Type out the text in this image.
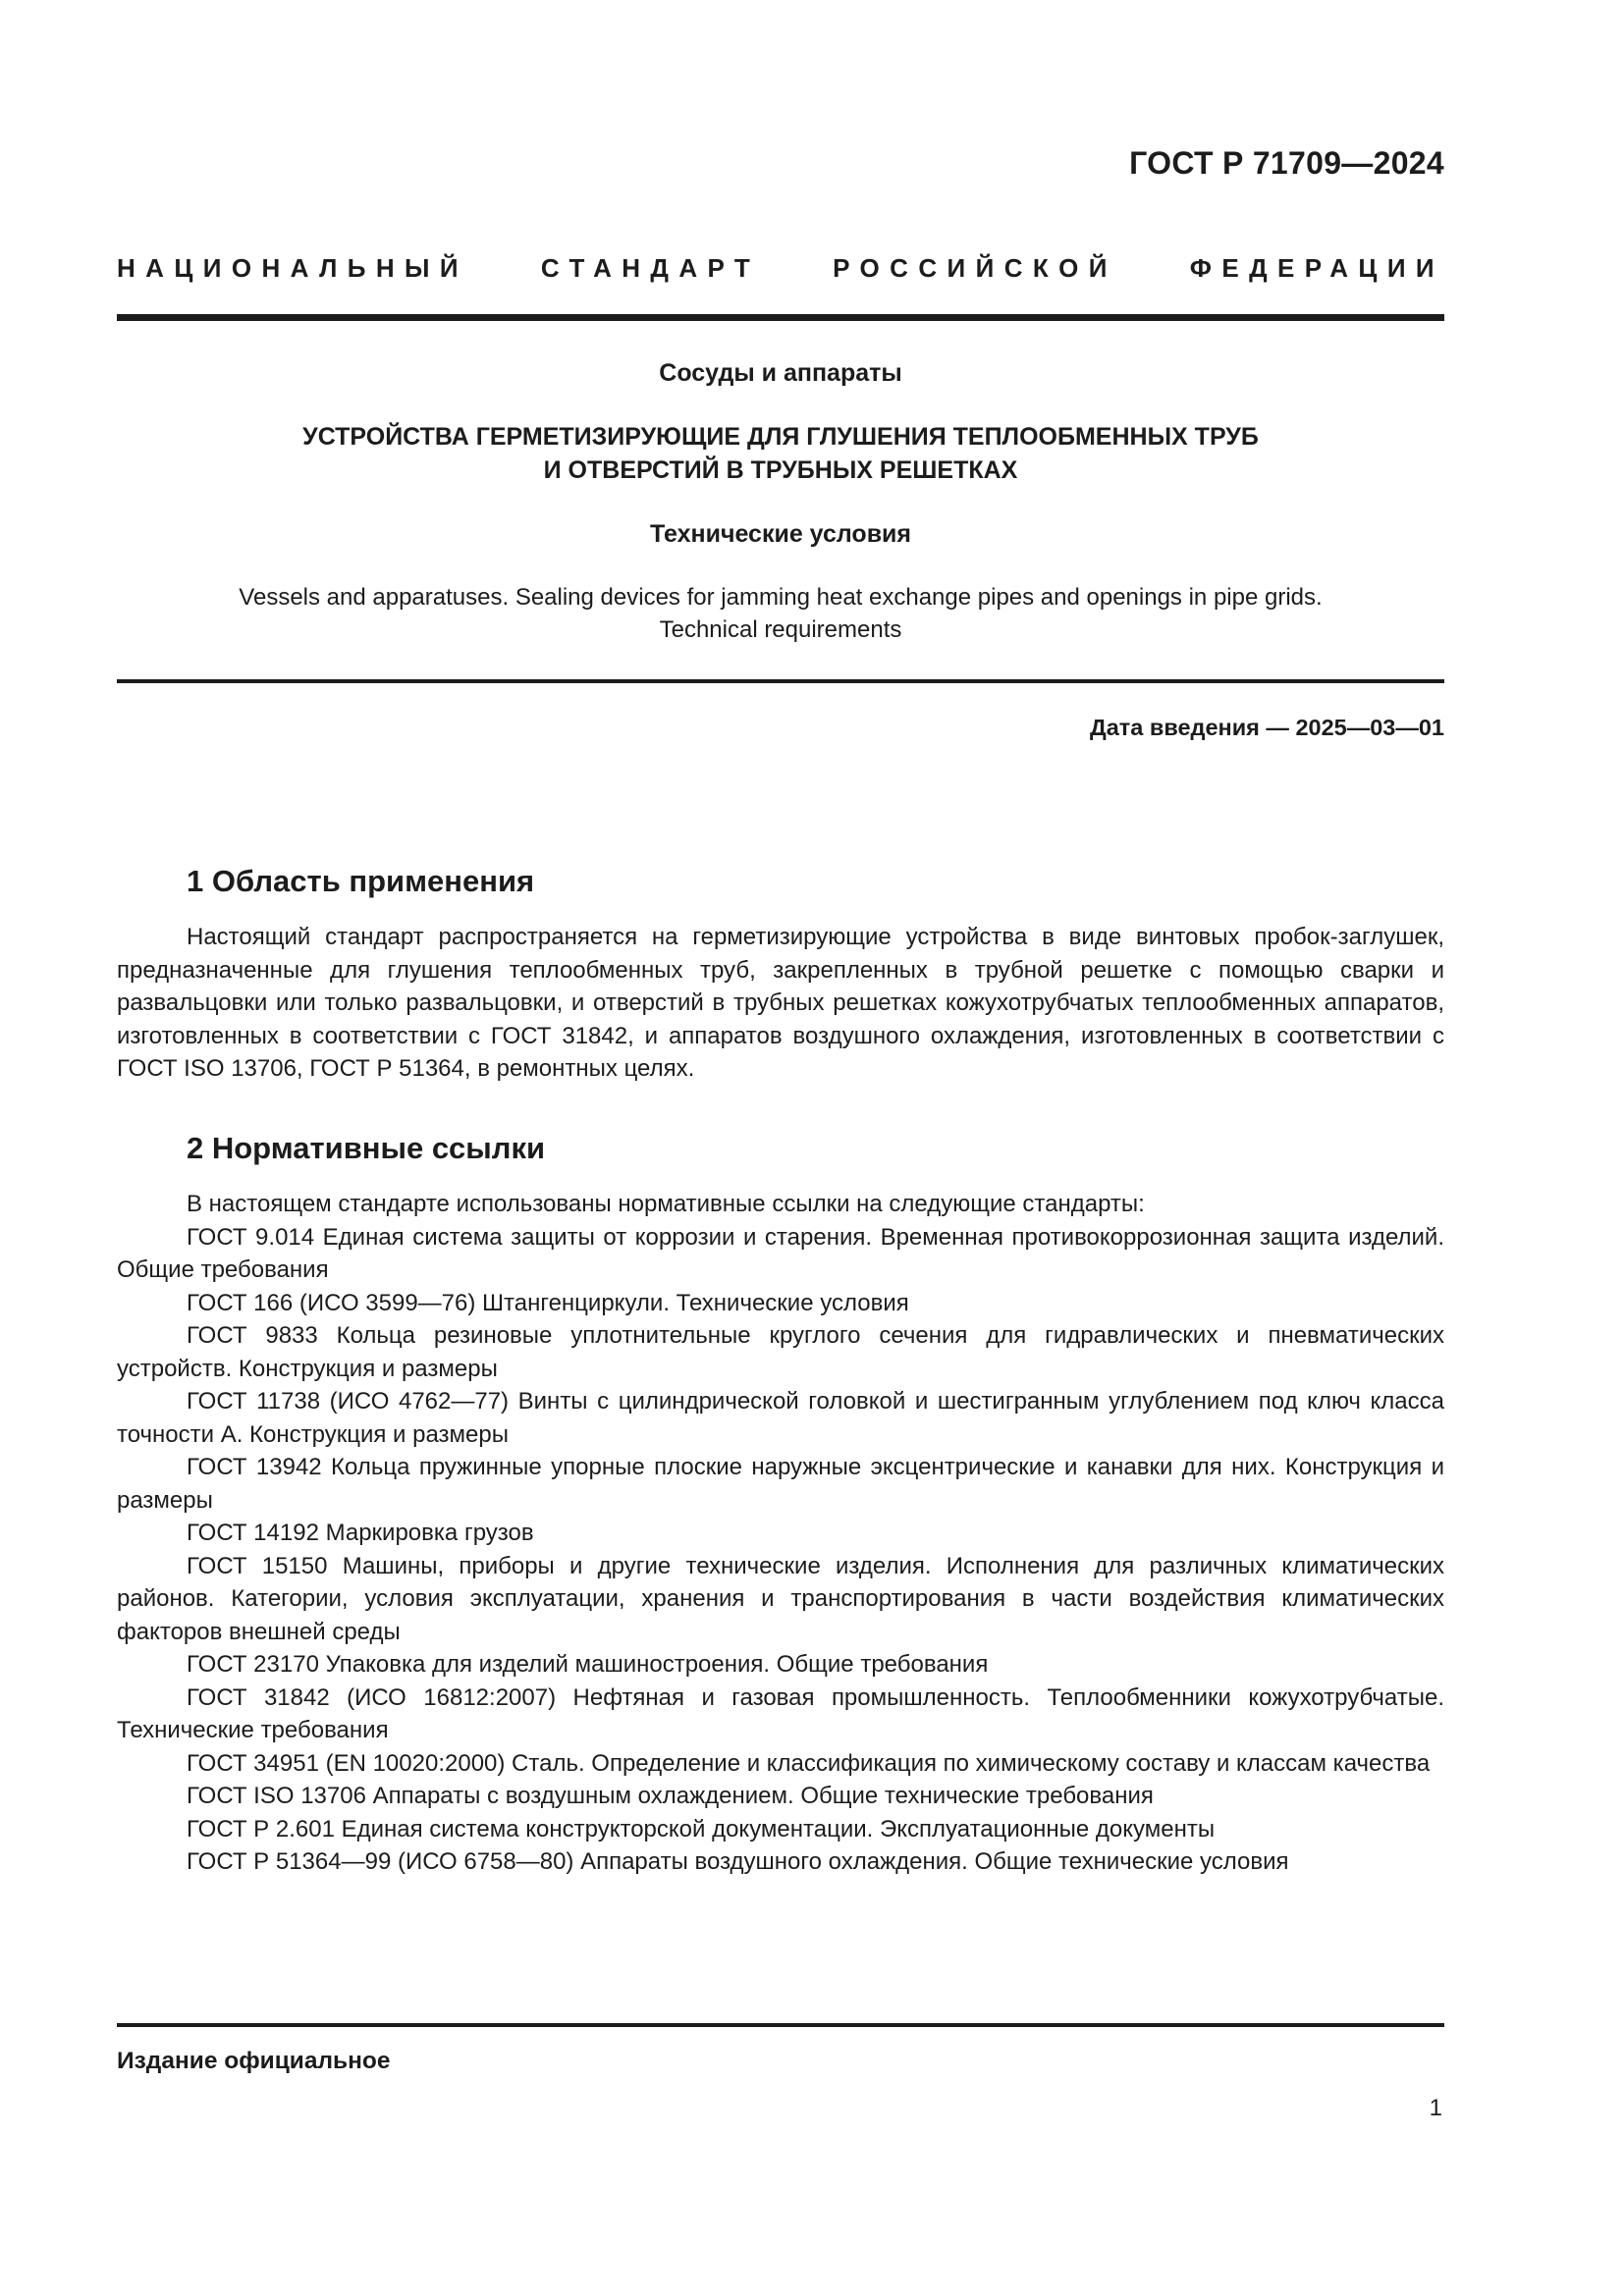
ГОСТ Р 71709—2024
НАЦИОНАЛЬНЫЙ СТАНДАРТ РОССИЙСКОЙ ФЕДЕРАЦИИ
Сосуды и аппараты
УСТРОЙСТВА ГЕРМЕТИЗИРУЮЩИЕ ДЛЯ ГЛУШЕНИЯ ТЕПЛООБМЕННЫХ ТРУБ
И ОТВЕРСТИЙ В ТРУБНЫХ РЕШЕТКАХ
Технические условия
Vessels and apparatuses. Sealing devices for jamming heat exchange pipes and openings in pipe grids.
Technical requirements
Дата введения — 2025—03—01
1 Область применения

Настоящий стандарт распространяется на герметизирующие устройства в виде винтовых пробок-заглушек, предназначенные для глушения теплообменных труб, закрепленных в трубной решетке с помощью сварки и развальцовки или только развальцовки, и отверстий в трубных решетках кожухотрубчатых теплообменных аппаратов, изготовленных в соответствии с ГОСТ 31842, и аппаратов воздушного охлаждения, изготовленных в соответствии с ГОСТ ISO 13706, ГОСТ Р 51364, в ремонтных целях.

2 Нормативные ссылки

В настоящем стандарте использованы нормативные ссылки на следующие стандарты:

ГОСТ 9.014 Единая система защиты от коррозии и старения. Временная противокоррозионная защита изделий. Общие требования

ГОСТ 166 (ИСО 3599—76) Штангенциркули. Технические условия

ГОСТ 9833 Кольца резиновые уплотнительные круглого сечения для гидравлических и пневматических устройств. Конструкция и размеры

ГОСТ 11738 (ИСО 4762—77) Винты с цилиндрической головкой и шестигранным углублением под ключ класса точности А. Конструкция и размеры

ГОСТ 13942 Кольца пружинные упорные плоские наружные эксцентрические и канавки для них. Конструкция и размеры

ГОСТ 14192 Маркировка грузов

ГОСТ 15150 Машины, приборы и другие технические изделия. Исполнения для различных климатических районов. Категории, условия эксплуатации, хранения и транспортирования в части воздействия климатических факторов внешней среды

ГОСТ 23170 Упаковка для изделий машиностроения. Общие требования

ГОСТ 31842 (ИСО 16812:2007) Нефтяная и газовая промышленность. Теплообменники кожухотрубчатые. Технические требования

ГОСТ 34951 (EN 10020:2000) Сталь. Определение и классификация по химическому составу и классам качества

ГОСТ ISO 13706 Аппараты с воздушным охлаждением. Общие технические требования

ГОСТ Р 2.601 Единая система конструкторской документации. Эксплуатационные документы

ГОСТ Р 51364—99 (ИСО 6758—80) Аппараты воздушного охлаждения. Общие технические условия

Издание официальное
1
